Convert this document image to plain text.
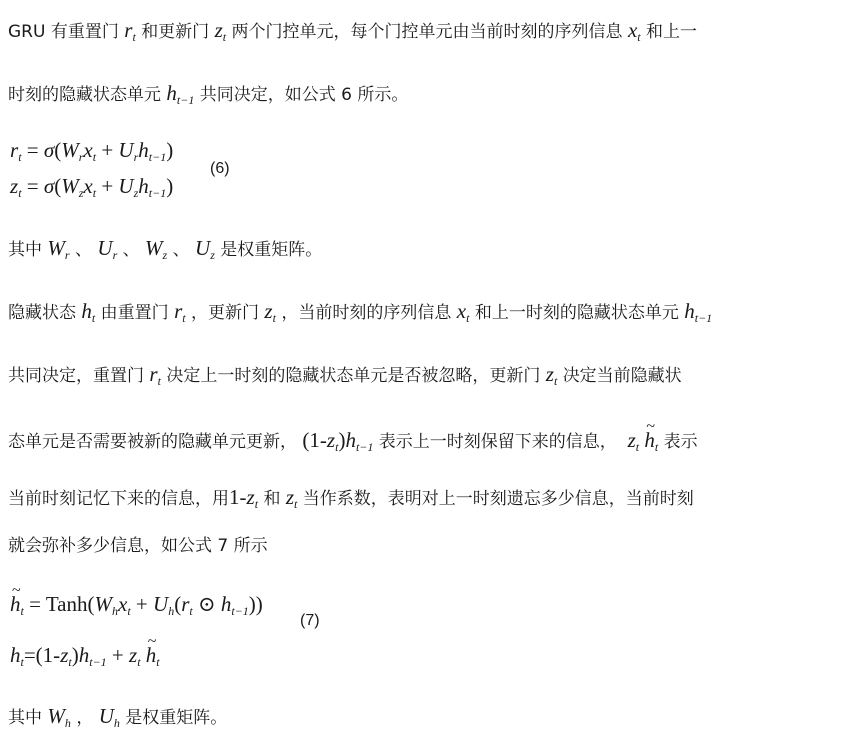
GRU 有重置门 $r_t$ 和更新门 $z_t$ 两个门控单元，每个门控单元由当前时刻的序列信息 $x_t$ 和上一
时刻的隐藏状态单元 $h_{t-1}$ 共同决定，如公式 6 所示。
$r_t = \sigma(W_rx_t + U_rh_{t-1})$
(6)
$z_t = \sigma(W_zx_t + U_zh_{t-1})$
其中 $W_r$ 、 $U_r$ 、 $W_z$ 、 $U_z$ 是权重矩阵。
隐藏状态 $h_t$ 由重置门 $r_t$ ，更新门 $z_t$ ，当前时刻的序列信息 $x_t$ 和上一时刻的隐藏状态单元 $h_{t-1}$
共同决定，重置门 $r_t$ 决定上一时刻的隐藏状态单元是否被忽略，更新门 $z_t$ 决定当前隐藏状
态单元是否需要被新的隐藏单元更新， $(1-z_t)h_{t-1}$ 表示上一时刻保留下来的信息， $z_t$ ~ $h_t$ 表示
当前时刻记忆下来的信息，用$1-z_t$ 和 $z_t$ 当作系数，表明对上一时刻遗忘多少信息，当前时刻
就会弥补多少信息，如公式 7 所示
~ $h_t$ = $Tanh(W_hx_t + U_h(r_t$ ⊙ $h_{t-1}$))
(7)
$h_t=(1-z_t)h_{t-1} + z_t$ ~ $h_t$
其中 $W_h$ ， $U_h$ 是权重矩阵。
